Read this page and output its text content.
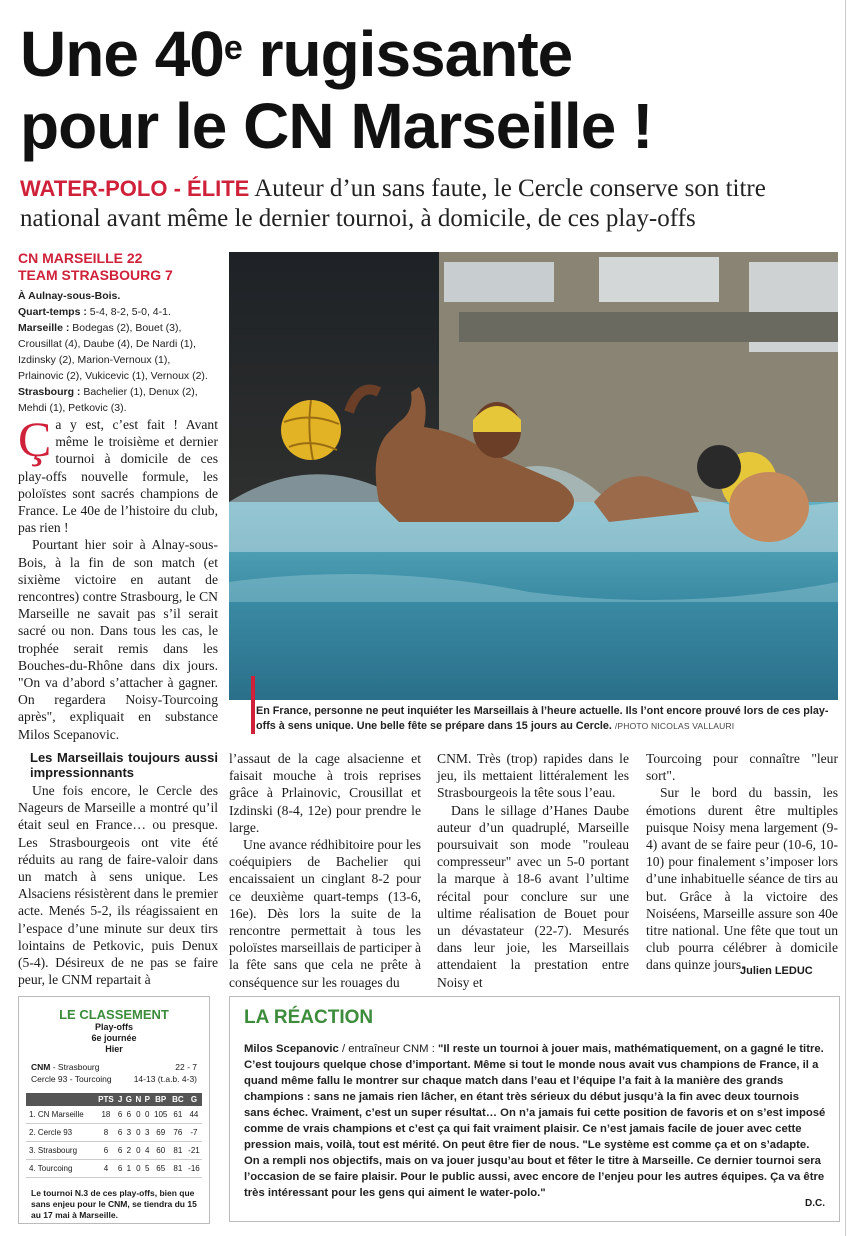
Une 40e rugissante
pour le CN Marseille !
WATER-POLO - ÉLITE Auteur d’un sans faute, le Cercle conserve son titre national avant même le dernier tournoi, à domicile, de ces play-offs
CN MARSEILLE 22
TEAM STRASBOURG 7
À Aulnay-sous-Bois.
Quart-temps : 5-4, 8-2, 5-0, 4-1.
Marseille : Bodegas (2), Bouet (3), Crousillat (4), Daube (4), De Nardi (1), Izdinsky (2), Marion-Vernoux (1), Prlainovic (2), Vukicevic (1), Vernoux (2).
Strasbourg : Bachelier (1), Denux (2), Mehdi (1), Petkovic (3).
En France, personne ne peut inquiéter les Marseillais à l’heure actuelle. Ils l’ont encore prouvé lors de ces play-offs à sens unique. Une belle fête se prépare dans 15 jours au Cercle. /PHOTO NICOLAS VALLAURI

Ça y est, c’est fait ! Avant même le troisième et dernier tournoi à domicile de ces play-offs nouvelle formule, les poloïstes sont sacrés champions de France. Le 40e de l’histoire du club, pas rien !

Pourtant hier soir à Alnay-sous-Bois, à la fin de son match (et sixième victoire en autant de rencontres) contre Strasbourg, le CN Marseille ne savait pas s’il serait sacré ou non. Dans tous les cas, le trophée serait remis dans les Bouches-du-Rhône dans dix jours. "On va d’abord s’attacher à gagner. On regardera Noisy-Tourcoing après", expliquait en substance Milos Scepanovic.

Les Marseillais toujours aussi impressionnants

Une fois encore, le Cercle des Nageurs de Marseille a montré qu’il était seul en France… ou presque. Les Strasbourgeois ont vite été réduits au rang de faire-valoir dans un match à sens unique. Les Alsaciens résistèrent dans le premier acte. Menés 5-2, ils réagissaient en l’espace d’une minute sur deux tirs lointains de Petkovic, puis Denux (5-4). Désireux de ne pas se faire peur, le CNM repartait à

l’assaut de la cage alsacienne et faisait mouche à trois reprises grâce à Prlainovic, Crousillat et Izdinski (8-4, 12e) pour prendre le large.

Une avance rédhibitoire pour les coéquipiers de Bachelier qui encaissaient un cinglant 8-2 pour ce deuxième quart-temps (13-6, 16e). Dès lors la suite de la rencontre permettait à tous les poloïstes marseillais de participer à la fête sans que cela ne prête à conséquence sur les rouages du

CNM. Très (trop) rapides dans le jeu, ils mettaient littéralement les Strasbourgeois la tête sous l’eau.

Dans le sillage d’Hanes Daube auteur d’un quadruplé, Marseille poursuivait son mode "rouleau compresseur" avec un 5-0 portant la marque à 18-6 avant l’ultime récital pour conclure sur une ultime réalisation de Bouet pour un dévastateur (22-7). Mesurés dans leur joie, les Marseillais attendaient la prestation entre Noisy et

Tourcoing pour connaître "leur sort".

Sur le bord du bassin, les émotions durent être multiples puisque Noisy mena largement (9-4) avant de se faire peur (10-6, 10-10) pour finalement s’imposer lors d’une inhabituelle séance de tirs au but. Grâce à la victoire des Noiséens, Marseille assure son 40e titre national. Une fête que tout un club pourra célébrer à domicile dans quinze jours.

Julien LEDUC
LE CLASSEMENT
Play-offs
6e journée
Hier
CNM - Strasbourg	22 - 7
Cercle 93 - Tourcoing	14-13 (t.a.b. 4-3)
	PTS	J	G	N	P	BP	BC	G
1. CN Marseille	18	6	6	0	0	105	61	44
2. Cercle 93	8	6	3	0	3	69	76	-7
3. Strasbourg	6	6	2	0	4	60	81	-21
4. Tourcoing	4	6	1	0	5	65	81	-16
Le tournoi N.3 de ces play-offs, bien que sans enjeu pour le CNM, se tiendra du 15 au 17 mai à Marseille.
LA RÉACTION
Milos Scepanovic / entraîneur CNM : "Il reste un tournoi à jouer mais, mathématiquement, on a gagné le titre. C’est toujours quelque chose d’important. Même si tout le monde nous avait vus champions de France, il a quand même fallu le montrer sur chaque match dans l’eau et l’équipe l’a fait à la manière des grands champions : sans ne jamais rien lâcher, en étant très sérieux du début jusqu’à la fin avec deux tournois sans échec. Vraiment, c’est un super résultat… On n’a jamais fui cette position de favoris et on s’est imposé comme de vrais champions et c’est ça qui fait vraiment plaisir. Ce n’est jamais facile de jouer avec cette pression mais, voilà, tout est mérité. On peut être fier de nous. "Le système est comme ça et on s’adapte. On a rempli nos objectifs, mais on va jouer jusqu’au bout et fêter le titre à Marseille. Ce dernier tournoi sera l’occasion de se faire plaisir. Pour le public aussi, avec encore de l’enjeu pour les autres équipes. Ça va être très intéressant pour les gens qui aiment le water-polo."
D.C.
